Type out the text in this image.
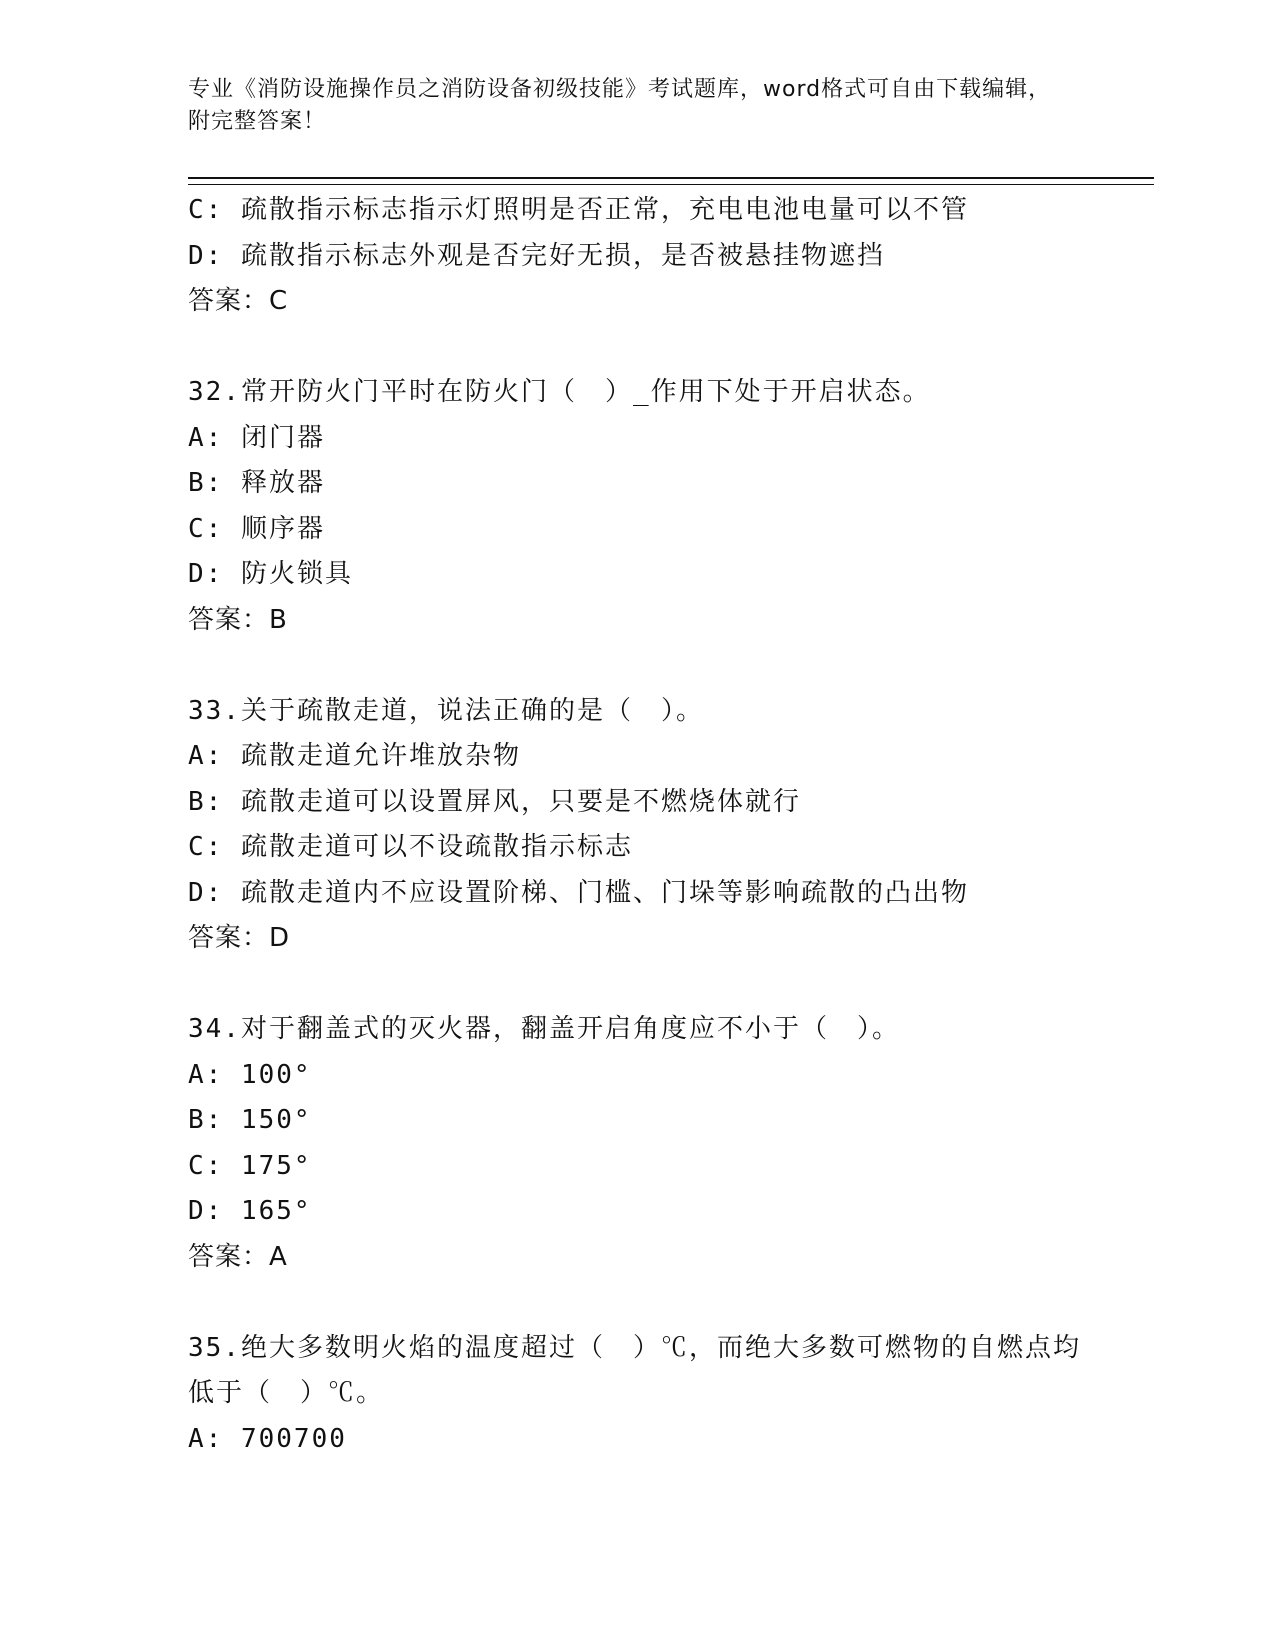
专业《消防设施操作员之消防设备初级技能》考试题库，word格式可自由下载编辑，附完整答案！
C: 疏散指示标志指示灯照明是否正常，充电电池电量可以不管
D: 疏散指示标志外观是否完好无损，是否被悬挂物遮挡
答案：C
32.常开防火门平时在防火门（　）_作用下处于开启状态。
A: 闭门器
B: 释放器
C: 顺序器
D: 防火锁具
答案：B
33.关于疏散走道，说法正确的是（　）。
A: 疏散走道允许堆放杂物
B: 疏散走道可以设置屏风，只要是不燃烧体就行
C: 疏散走道可以不设疏散指示标志
D: 疏散走道内不应设置阶梯、门槛、门垛等影响疏散的凸出物
答案：D
34.对于翻盖式的灭火器，翻盖开启角度应不小于（　）。
A: 100°
B: 150°
C: 175°
D: 165°
答案：A
35.绝大多数明火焰的温度超过（　）℃，而绝大多数可燃物的自燃点均低于（　）℃。
A: 700700
